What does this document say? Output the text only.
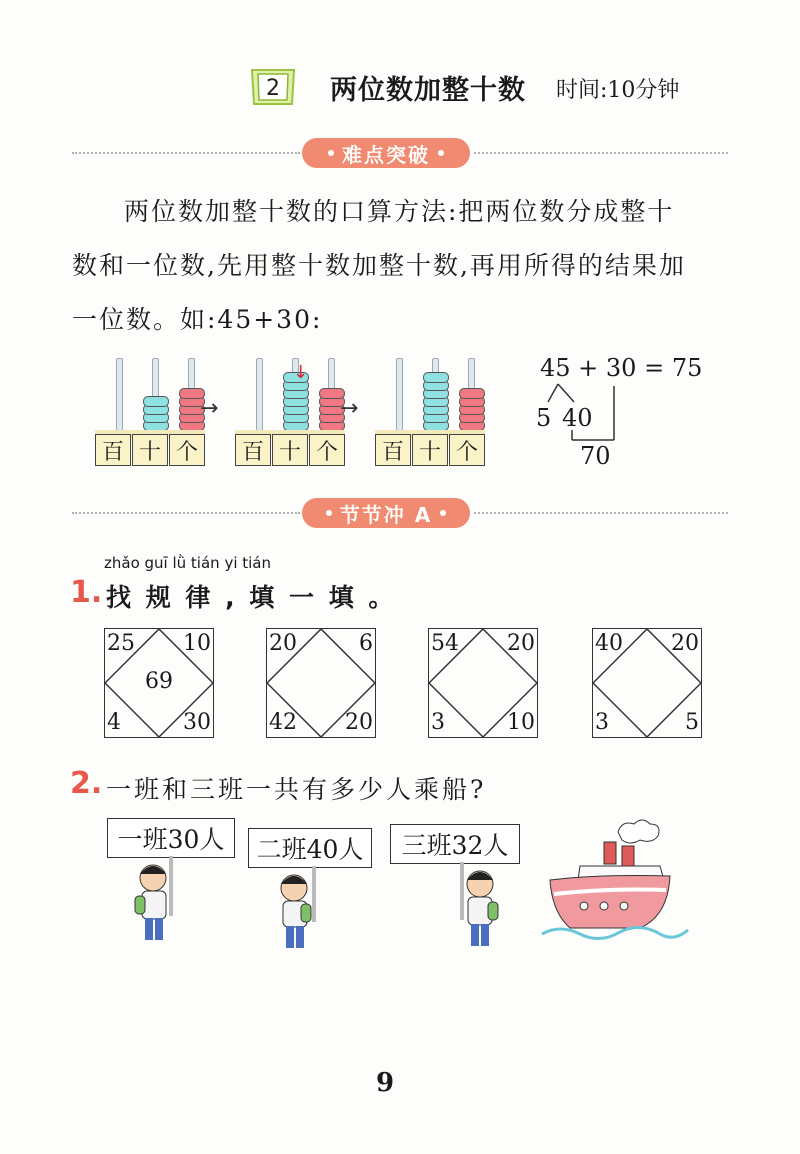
2 两位数加整十数 时间:10分钟
难点突破
两位数加整十数的口算方法:把两位数分成整十
数和一位数,先用整十数加整十数,再用所得的结果加
一位数。如:45+30:
百 十 个
→
百 十 个
↓
→
百 十 个
45 + 30 = 75
5 40
70
节节冲 A
zhǎo guī lǜ tián yi tián
1. 找 规 律 , 填 一 填 。
25 10
4	30
69
20	6
42 20
54 20
3	10
40 20
3	5
2. 一班和三班一共有多少人乘船?
一班30人	二班40人	三班32人
9
